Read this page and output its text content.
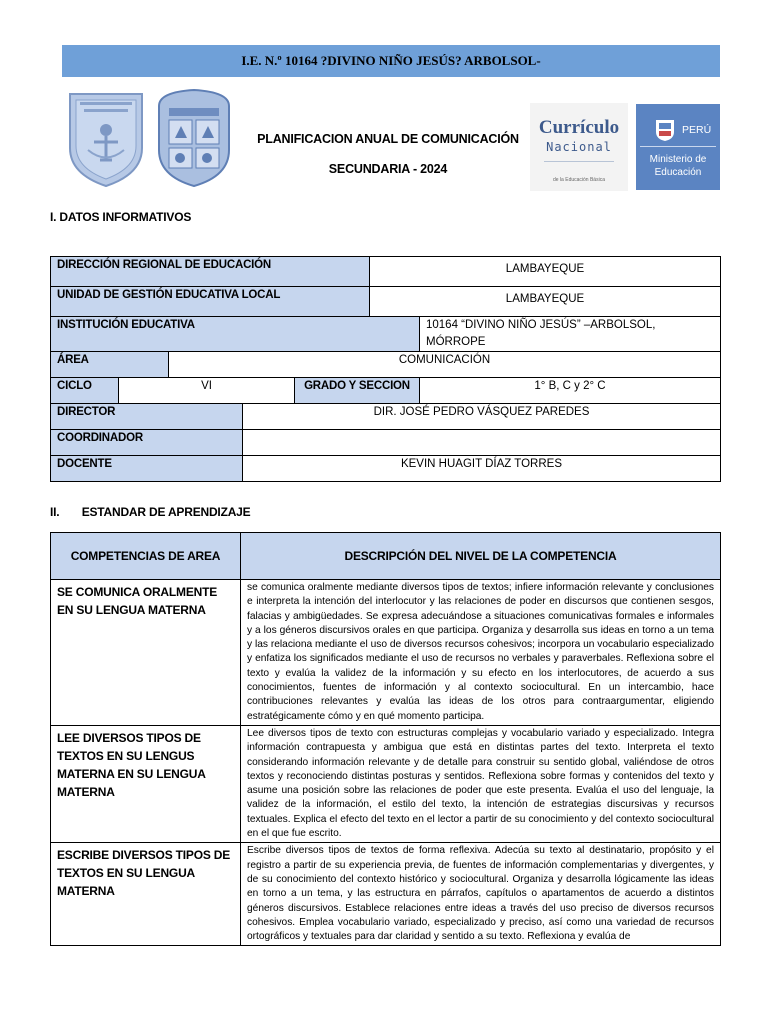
I.E. N.º 10164 ?DIVINO NIÑO JESÚS? ARBOLSOL-
PLANIFICACION ANUAL DE COMUNICACIÓN
SECUNDARIA - 2024
Currículo
Nacional
de la Educación Básica
PERÚ
Ministerio de Educación
I. DATOS INFORMATIVOS
DIRECCIÓN REGIONAL DE EDUCACIÓN					LAMBAYEQUE	
UNIDAD DE GESTIÓN EDUCATIVA LOCAL					LAMBAYEQUE	
INSTITUCIÓN EDUCATIVA						10164 “DIVINO NIÑO JESÚS” –ARBOLSOL, MÓRROPE
ÁREA		COMUNICACIÓN				
CICLO	VI			GRADO Y SECCION		1° B, C y 2° C
DIRECTOR			DIR. JOSÉ PEDRO VÁSQUEZ PAREDES			
COORDINADOR						
DOCENTE			KEVIN HUAGIT DÍAZ TORRES			
II. ESTANDAR DE APRENDIZAJE
COMPETENCIAS DE AREA	DESCRIPCIÓN DEL NIVEL DE LA COMPETENCIA
SE COMUNICA ORALMENTE EN SU LENGUA MATERNA	se comunica oralmente mediante diversos tipos de textos; infiere información relevante y conclusiones e interpreta la intención del interlocutor y las relaciones de poder en discursos que contienen sesgos, falacias y ambigüedades. Se expresa adecuándose a situaciones comunicativas formales e informales y a los géneros discursivos orales en que participa. Organiza y desarrolla sus ideas en torno a un tema y las relaciona mediante el uso de diversos recursos cohesivos; incorpora un vocabulario especializado y enfatiza los significados mediante el uso de recursos no verbales y paraverbales. Reflexiona sobre el texto y evalúa la validez de la información y su efecto en los interlocutores, de acuerdo a sus conocimientos, fuentes de información y al contexto sociocultural. En un intercambio, hace contribuciones relevantes y evalúa las ideas de los otros para contraargumentar, eligiendo estratégicamente cómo y en qué momento participa.
LEE DIVERSOS TIPOS DE TEXTOS EN SU LENGUS MATERNA EN SU LENGUA MATERNA	Lee diversos tipos de texto con estructuras complejas y vocabulario variado y especializado. Integra información contrapuesta y ambigua que está en distintas partes del texto. Interpreta el texto considerando información relevante y de detalle para construir su sentido global, valiéndose de otros textos y reconociendo distintas posturas y sentidos. Reflexiona sobre formas y contenidos del texto y asume una posición sobre las relaciones de poder que este presenta. Evalúa el uso del lenguaje, la validez de la información, el estilo del texto, la intención de estrategias discursivas y recursos textuales. Explica el efecto del texto en el lector a partir de su conocimiento y del contexto sociocultural en el que fue escrito.
ESCRIBE DIVERSOS TIPOS DE TEXTOS EN SU LENGUA MATERNA	Escribe diversos tipos de textos de forma reflexiva. Adecúa su texto al destinatario, propósito y el registro a partir de su experiencia previa, de fuentes de información complementarias y divergentes, y de su conocimiento del contexto histórico y sociocultural. Organiza y desarrolla lógicamente las ideas en torno a un tema, y las estructura en párrafos, capítulos o apartamentos de acuerdo a distintos géneros discursivos. Establece relaciones entre ideas a través del uso preciso de diversos recursos cohesivos. Emplea vocabulario variado, especializado y preciso, así como una variedad de recursos ortográficos y textuales para dar claridad y sentido a su texto. Reflexiona y evalúa de
